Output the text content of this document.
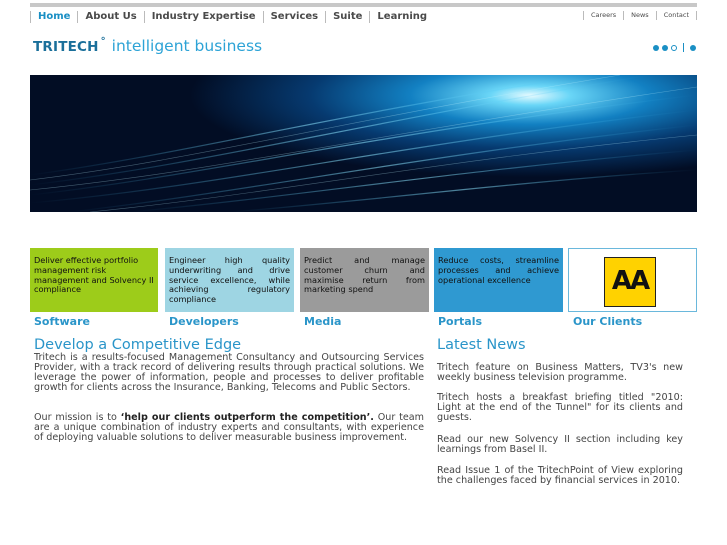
Home	About Us	Industry Expertise	Services	Suite	Learning	Careers	News	Contact
TRITECH ° intelligent business
Deliver effective portfolio management risk management and Solvency II compliance
Engineer high quality underwriting and drive service excellence, while achieving regulatory compliance
Predict and manage customer churn and maximise return from marketing spend
Reduce costs, streamline processes and achieve operational excellence	AA
Software	Developers	Media	Portals	Our Clients
Develop a Competitive Edge

Tritech is a results-focused Management Consultancy and Outsourcing Services Provider, with a track record of delivering results through practical solutions. We leverage the power of information, people and processes to deliver profitable growth for clients across the Insurance, Banking, Telecoms and Public Sectors.

Our mission is to ‘help our clients outperform the competition’. Our team are a unique combination of industry experts and consultants, with experience of deploying valuable solutions to deliver measurable business improvement.

Latest News

Tritech feature on Business Matters, TV3's new weekly business television programme.

Tritech hosts a breakfast briefing titled "2010: Light at the end of the Tunnel" for its clients and guests.

Read our new Solvency II section including key learnings from Basel II.

Read Issue 1 of the TritechPoint of View exploring the challenges faced by financial services in 2010.
